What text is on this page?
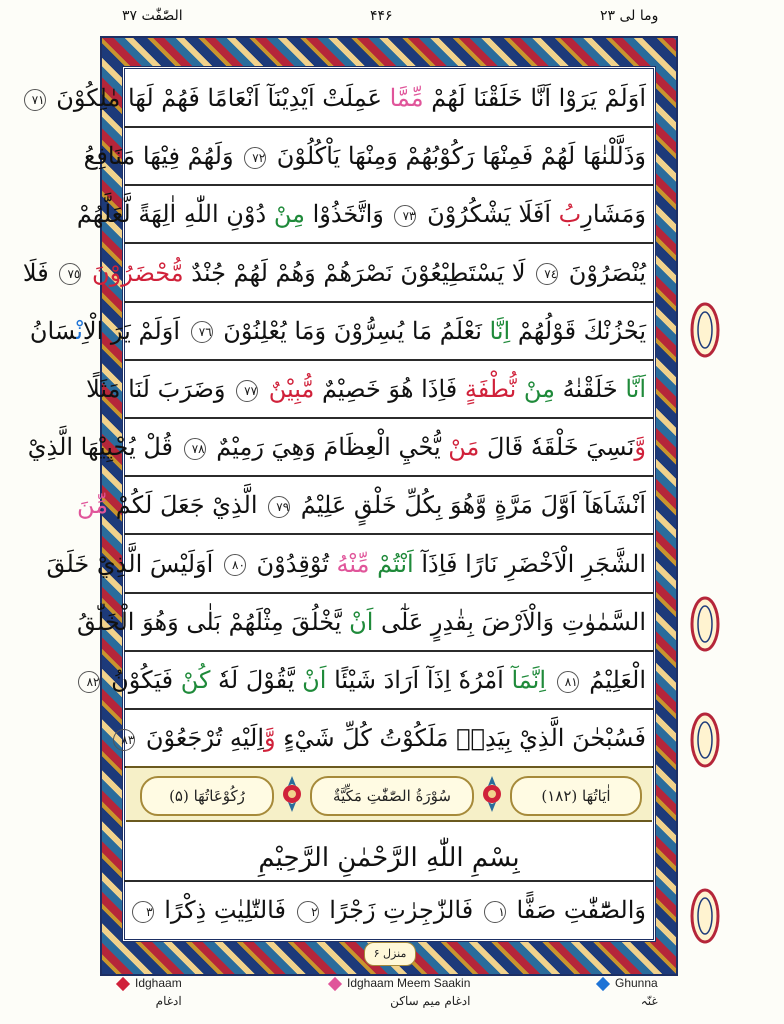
الصّٰفّٰت ۳۷	۴۴۶	وما لی ۲۳
اَوَلَمْ يَرَوْا اَنَّا خَلَقْنَا لَهُمْ مِّمَّا عَمِلَتْ اَيْدِيْنَآ اَنْعَامًا فَهُمْ لَهَا مٰلِكُوْنَ ٧١
وَذَلَّلْنٰهَا لَهُمْ فَمِنْهَا رَكُوْبُهُمْ وَمِنْهَا يَاْكُلُوْنَ ٧٢ وَلَهُمْ فِيْهَا مَنَافِعُ
وَمَشَارِبُ اَفَلَا يَشْكُرُوْنَ ٧٣ وَاتَّخَذُوْا مِنْ دُوْنِ اللّٰهِ اٰلِهَةً لَّعَلَّهُمْ
يُنْصَرُوْنَ ٧٤ لَا يَسْتَطِيْعُوْنَ نَصْرَهُمْ وَهُمْ لَهُمْ جُنْدٌ مُّحْضَرُوْنَ ٧٥ فَلَا
يَحْزُنْكَ قَوْلُهُمْ اِنَّا نَعْلَمُ مَا يُسِرُّوْنَ وَمَا يُعْلِنُوْنَ ٧٦ اَوَلَمْ يَرَ الْاِنْسَانُ
اَنَّا خَلَقْنٰهُ مِنْ نُّطْفَةٍ فَاِذَا هُوَ خَصِيْمٌ مُّبِيْنٌ ٧٧ وَضَرَبَ لَنَا مَثَلًا
وَّنَسِيَ خَلْقَهٗ قَالَ مَنْ يُّحْيِ الْعِظَامَ وَهِيَ رَمِيْمٌ ٧٨ قُلْ يُحْيِيْهَا الَّذِيْ
اَنْشَاَهَآ اَوَّلَ مَرَّةٍ وَّهُوَ بِكُلِّ خَلْقٍ عَلِيْمُ ٧٩ الَّذِيْ جَعَلَ لَكُمْ مِّنَ
الشَّجَرِ الْاَخْضَرِ نَارًا فَاِذَآ اَنْتُمْ مِّنْهُ تُوْقِدُوْنَ ٨٠ اَوَلَيْسَ الَّذِيْ خَلَقَ
السَّمٰوٰتِ وَالْاَرْضَ بِقٰدِرٍ عَلٰٓى اَنْ يَّخْلُقَ مِثْلَهُمْ بَلٰى وَهُوَ الْخَلّٰقُ
الْعَلِيْمُ ٨١ اِنَّمَآ اَمْرُهٗ اِذَآ اَرَادَ شَيْئًا اَنْ يَّقُوْلَ لَهٗ كُنْ فَيَكُوْنُ ٨٢
فَسُبْحٰنَ الَّذِيْ بِيَدِهٖ مَلَكُوْتُ كُلِّ شَيْءٍ وَّاِلَيْهِ تُرْجَعُوْنَ ٨٣
اٰيَاتُهَا (۱۸۲)
سُوْرَةُ الصّٰفّٰتِ مَكِّيَّةٌ
رُكُوْعَاتُهَا (۵)
بِسْمِ اللّٰهِ الرَّحْمٰنِ الرَّحِيْمِ
وَالصّٰٓفّٰتِ صَفًّا ١ فَالزّٰجِرٰتِ زَجْرًا ٢ فَالتّٰلِيٰتِ ذِكْرًا ٣
منزل ۶
Idghaam
ادغام
Idghaam Meem Saakin
ادغام میم ساکن
Ghunna
غنّہ
